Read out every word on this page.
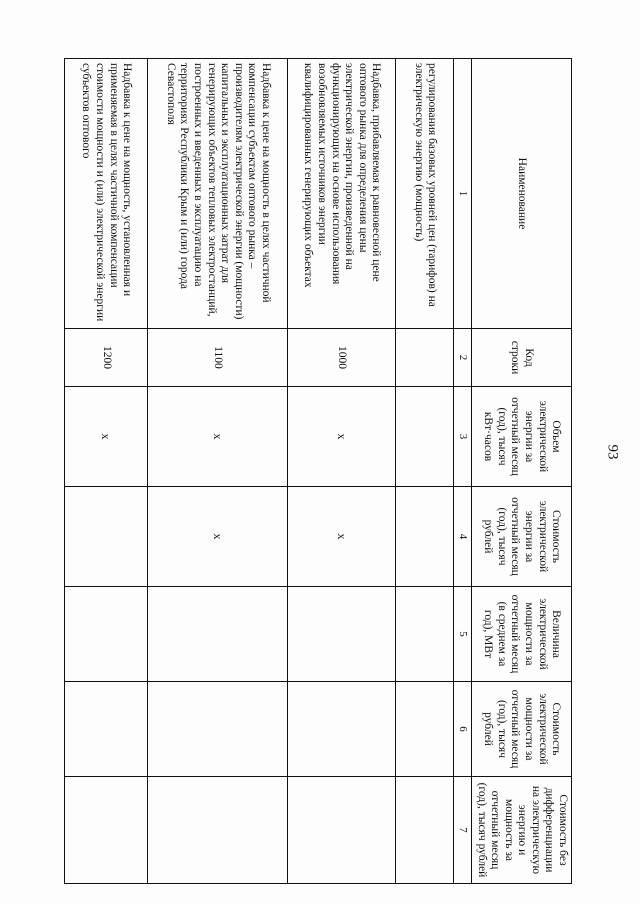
93
Наименование	Код строки	Объем электрической энергии за отчетный месяц (год), тысяч кВт·часов	Стоимость электрической энергии за отчетный месяц (год), тысяч рублей	Величина электрической мощности за отчетный месяц (в среднем за год), МВт	Стоимость электрической мощности за отчетный месяц (год), тысяч рублей	Стоимость без дифференциации на электрическую энергию и мощность за отчетный месяц (год), тысяч рублей
1	2	3	4	5	6	7
регулирования базовых уровней цен (тарифов) на электрическую энергию (мощность)						
Надбавка, прибавляемая к равновесной цене оптового рынка для определения цены электрической энергии, произведенной на функционирующих на основе использования возобновляемых источников энергии квалифицированных генерирующих объектах	1000	x	x			
Надбавка к цене на мощность в целях частичной компенсации субъектам оптового рынка – производителям электрической энергии (мощности) капитальных и эксплуатационных затрат для генерирующих объектов тепловых электростанций, построенных и введенных в эксплуатацию на территориях Республики Крым и (или) города Севастополя	1100	x	x			
Надбавка к цене на мощность, установленная и применяемая в целях частичной компенсации стоимости мощности и (или) электрической энергии субъектов оптового	1200	x				
